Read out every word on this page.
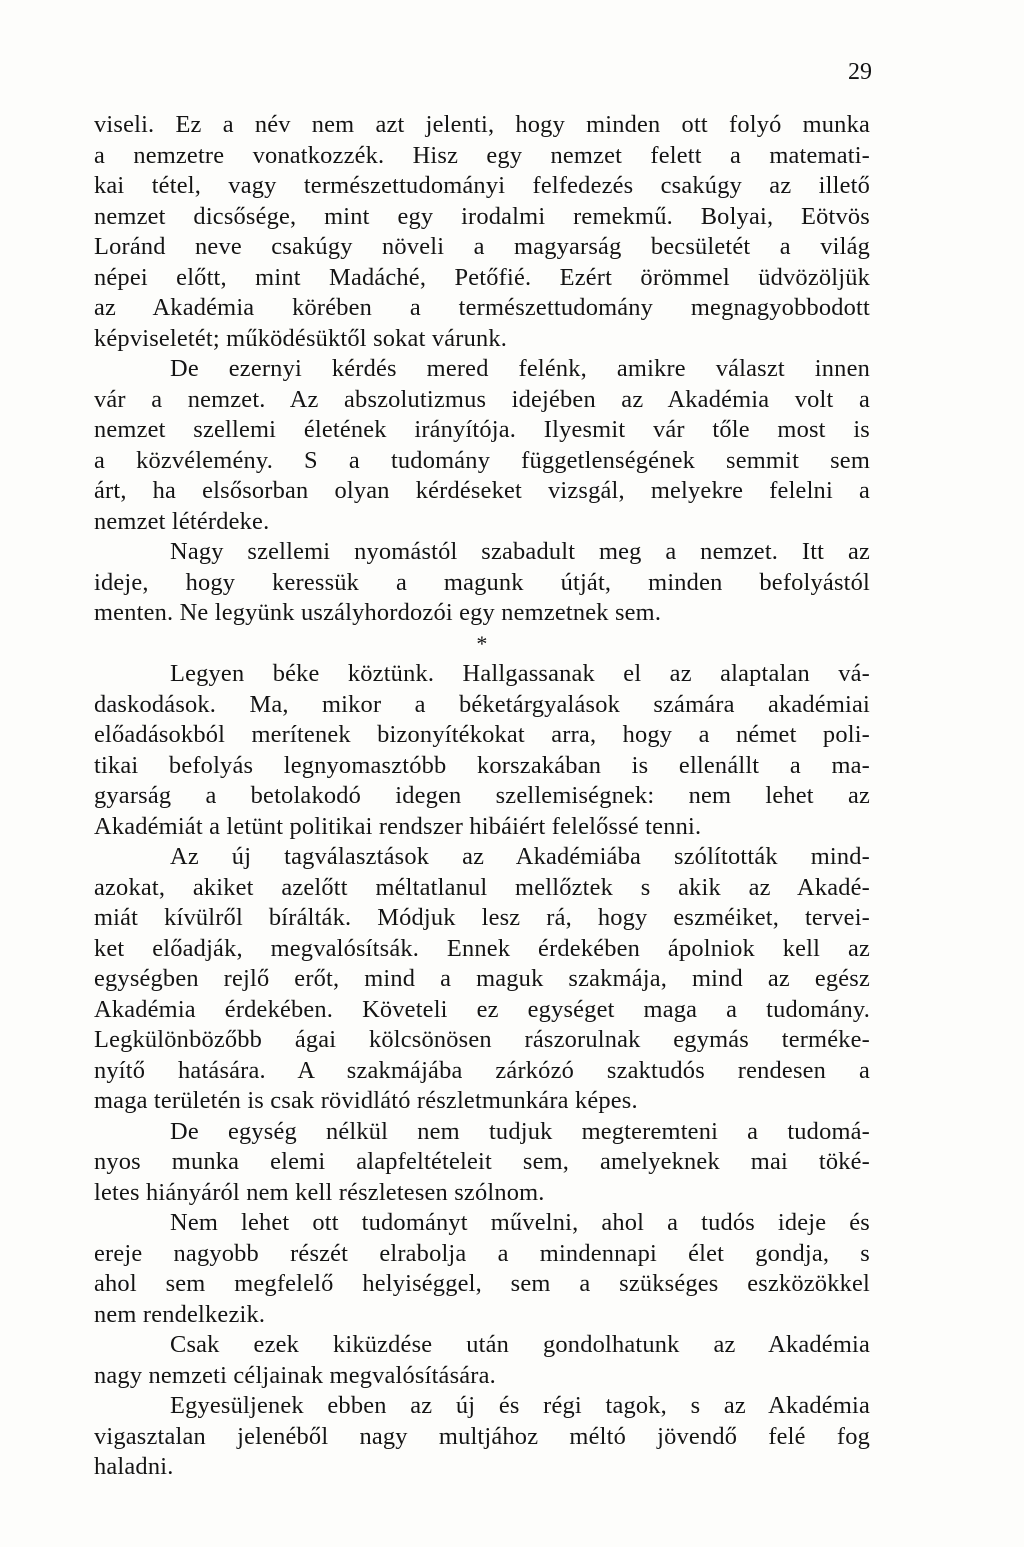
29
viseli. Ez a név nem azt jelenti, hogy minden ott folyó munka
a nemzetre vonatkozzék. Hisz egy nemzet felett a matemati-
kai tétel, vagy természettudományi felfedezés csakúgy az illető
nemzet dicsősége, mint egy irodalmi remekmű. Bolyai, Eötvös
Loránd neve csakúgy növeli a magyarság becsületét a világ
népei előtt, mint Madáché, Petőfié. Ezért örömmel üdvözöljük
az Akadémia körében a természettudomány megnagyobbodott
képviseletét; működésüktől sokat várunk.
De ezernyi kérdés mered felénk, amikre választ innen
vár a nemzet. Az abszolutizmus idejében az Akadémia volt a
nemzet szellemi életének irányítója. Ilyesmit vár tőle most is
a közvélemény. S a tudomány függetlenségének semmit sem
árt, ha elsősorban olyan kérdéseket vizsgál, melyekre felelni a
nemzet létérdeke.
Nagy szellemi nyomástól szabadult meg a nemzet. Itt az
ideje, hogy keressük a magunk útját, minden befolyástól
menten. Ne legyünk uszályhordozói egy nemzetnek sem.
*
Legyen béke köztünk. Hallgassanak el az alaptalan vá-
daskodások. Ma, mikor a béketárgyalások számára akadémiai
előadásokból merítenek bizonyítékokat arra, hogy a német poli-
tikai befolyás legnyomasztóbb korszakában is ellenállt a ma-
gyarság a betolakodó idegen szellemiségnek: nem lehet az
Akadémiát a letünt politikai rendszer hibáiért felelőssé tenni.
Az új tagválasztások az Akadémiába szólították mind-
azokat, akiket azelőtt méltatlanul mellőztek s akik az Akadé-
miát kívülről bírálták. Módjuk lesz rá, hogy eszméiket, tervei-
ket előadják, megvalósítsák. Ennek érdekében ápolniok kell az
egységben rejlő erőt, mind a maguk szakmája, mind az egész
Akadémia érdekében. Követeli ez egységet maga a tudomány.
Legkülönbözőbb ágai kölcsönösen rászorulnak egymás terméke-
nyítő hatására. A szakmájába zárkózó szaktudós rendesen a
maga területén is csak rövidlátó részletmunkára képes.
De egység nélkül nem tudjuk megteremteni a tudomá-
nyos munka elemi alapfeltételeit sem, amelyeknek mai töké-
letes hiányáról nem kell részletesen szólnom.
Nem lehet ott tudományt művelni, ahol a tudós ideje és
ereje nagyobb részét elrabolja a mindennapi élet gondja, s
ahol sem megfelelő helyiséggel, sem a szükséges eszközökkel
nem rendelkezik.
Csak ezek kiküzdése után gondolhatunk az Akadémia
nagy nemzeti céljainak megvalósítására.
Egyesüljenek ebben az új és régi tagok, s az Akadémia
vigasztalan jelenéből nagy multjához méltó jövendő felé fog
haladni.
